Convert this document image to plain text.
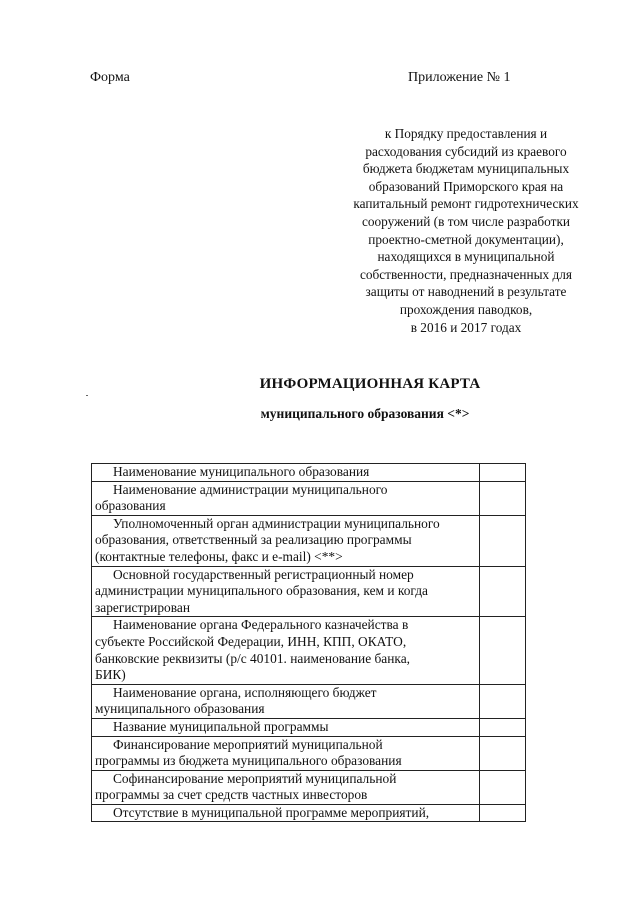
Форма	Приложение № 1
к Порядку предоставления и
расходования субсидий из краевого
бюджета бюджетам муниципальных
образований Приморского края на
капитальный ремонт гидротехнических
сооружений (в том числе разработки
проектно-сметной документации),
находящихся в муниципальной
собственности, предназначенных для
защиты от наводнений в результате
прохождения паводков,
в 2016 и 2017 годах
ИНФОРМАЦИОННАЯ КАРТА
муниципального образования <*>
Наименование муниципального образования	

Наименование администрации муниципального
образования	

Уполномоченный орган администрации муниципального
образования, ответственный за реализацию программы
(контактные телефоны, факс и e-mail) <**>	

Основной государственный регистрационный номер
администрации муниципального образования, кем и когда
зарегистрирован	

Наименование органа Федерального казначейства в
субъекте Российской Федерации, ИНН, КПП, ОКАТО,
банковские реквизиты (р/с 40101. наименование банка,
БИК)	

Наименование органа, исполняющего бюджет
муниципального образования	

Название муниципальной программы	

Финансирование мероприятий муниципальной
программы из бюджета муниципального образования	

Софинансирование мероприятий муниципальной
программы за счет средств частных инвесторов	

Отсутствие в муниципальной программе мероприятий,	
